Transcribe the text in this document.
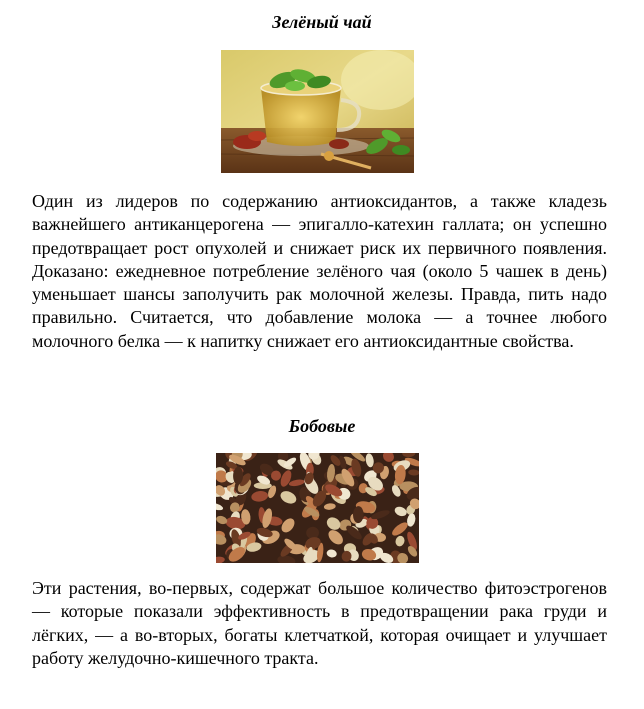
Зелёный чай
Один из лидеров по содержанию антиоксидантов, а также кладезь важнейшего антиканцерогена — эпигалло-катехин галлата; он успешно предотвращает рост опухолей и снижает риск их первичного появления. Доказано: ежедневное потребление зелёного чая (около 5 чашек в день) уменьшает шансы заполучить рак молочной железы. Правда, пить надо правильно. Считается, что добавление молока — а точнее любого молочного белка — к напитку снижает его антиоксидантные свойства.
Бобовые
Эти растения, во-первых, содержат большое количество фитоэстрогенов — которые показали эффективность в предотвращении рака груди и лёгких, — а во-вторых, богаты клетчаткой, которая очищает и улучшает работу желудочно-кишечного тракта.
